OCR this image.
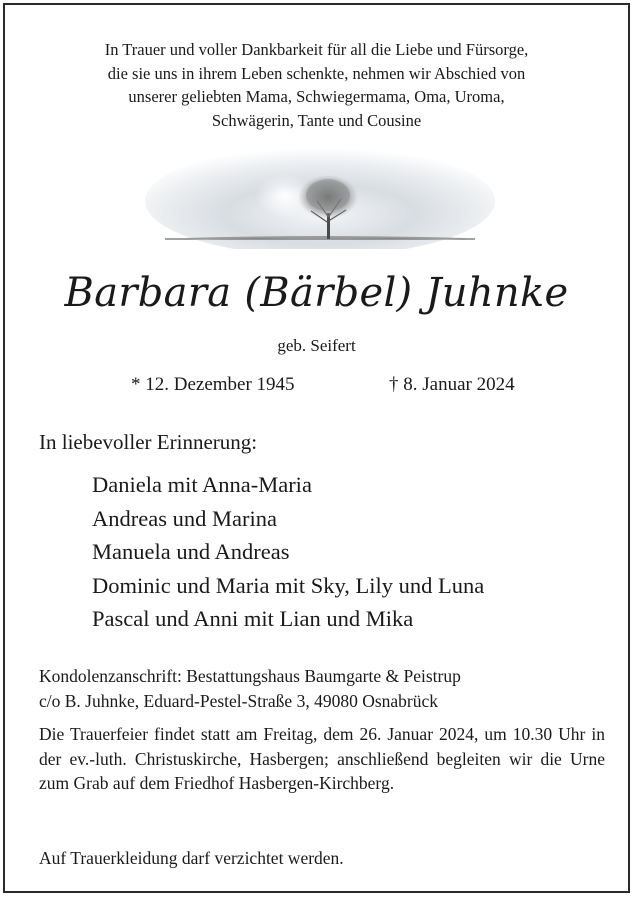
In Trauer und voller Dankbarkeit für all die Liebe und Fürsorge,
die sie uns in ihrem Leben schenkte, nehmen wir Abschied von
unserer geliebten Mama, Schwiegermama, Oma, Uroma,
Schwägerin, Tante und Cousine
Barbara (Bärbel) Juhnke
geb. Seifert
* 12. Dezember 1945	† 8. Januar 2024
In liebevoller Erinnerung:
Daniela mit Anna-Maria
Andreas und Marina
Manuela und Andreas
Dominic und Maria mit Sky, Lily und Luna
Pascal und Anni mit Lian und Mika
Kondolenzanschrift: Bestattungshaus Baumgarte & Peistrup
c/o B. Juhnke, Eduard-Pestel-Straße 3, 49080 Osnabrück
Die Trauerfeier findet statt am Freitag, dem 26. Januar 2024, um 10.30 Uhr in der ev.-luth. Christuskirche, Hasbergen; anschließend begleiten wir die Urne zum Grab auf dem Friedhof Hasbergen-Kirchberg.
Auf Trauerkleidung darf verzichtet werden.
